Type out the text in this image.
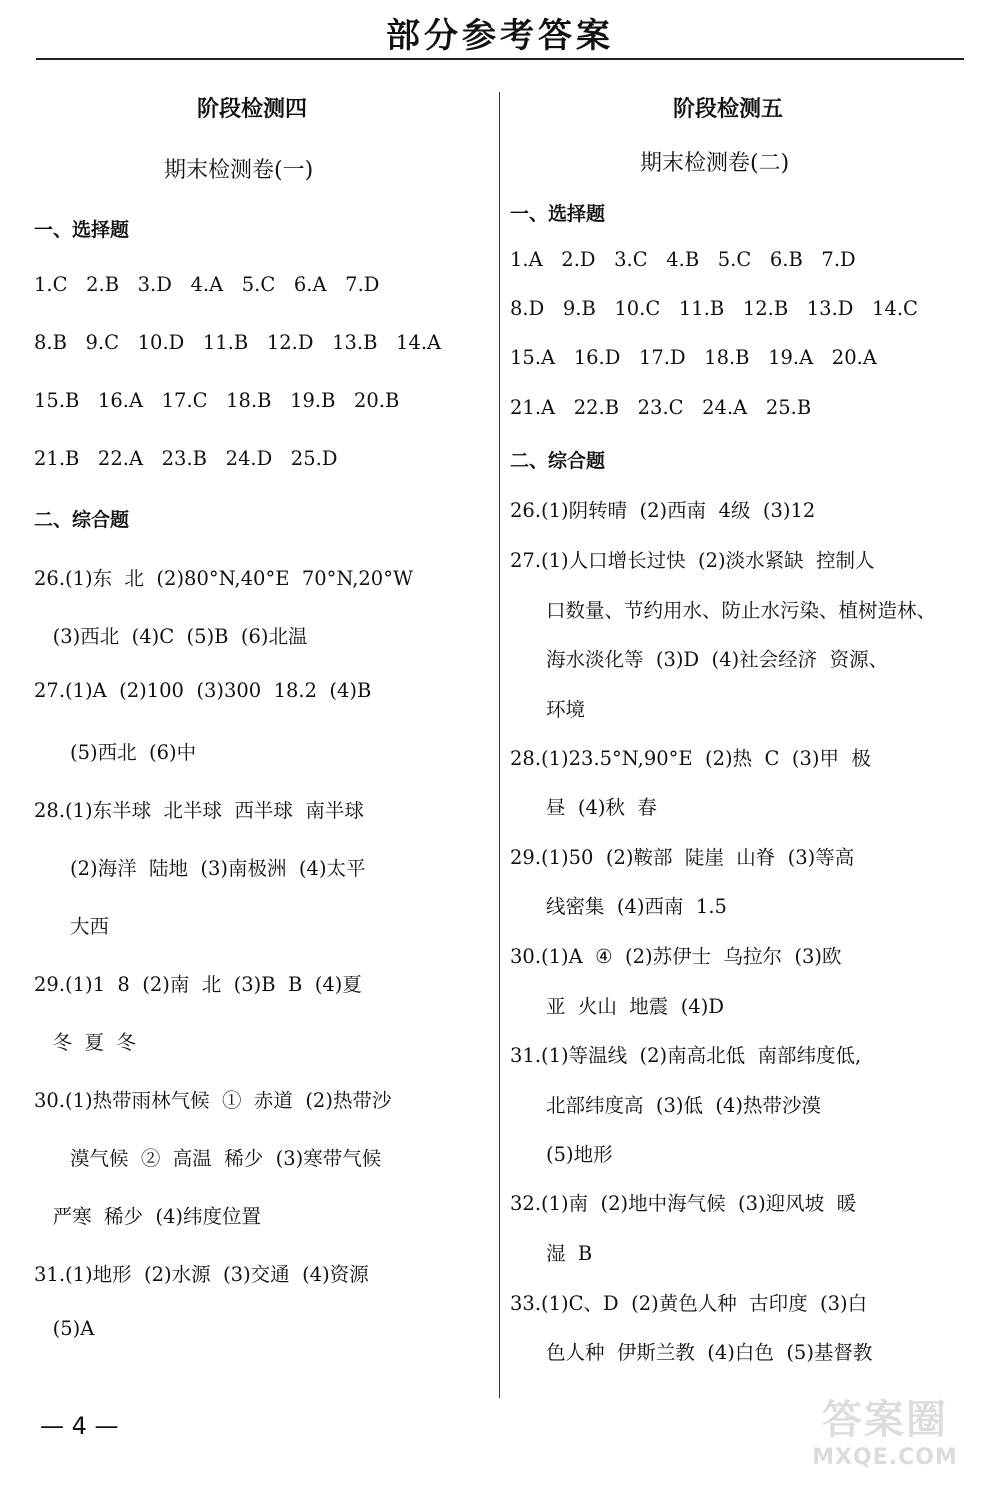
部分参考答案
阶段检测四
期末检测卷(一)
一、选择题
1.C   2.B   3.D   4.A   5.C   6.A   7.D
8.B   9.C   10.D   11.B   12.D   13.B   14.A
15.B   16.A   17.C   18.B   19.B   20.B
21.B   22.A   23.B   24.D   25.D
二、综合题
26.(1)东  北  (2)80°N,40°E  70°N,20°W
(3)西北  (4)C  (5)B  (6)北温
27.(1)A  (2)100  (3)300  18.2  (4)B
(5)西北  (6)中
28.(1)东半球  北半球  西半球  南半球
(2)海洋  陆地  (3)南极洲  (4)太平
大西
29.(1)1  8  (2)南  北  (3)B  B  (4)夏
冬  夏  冬
30.(1)热带雨林气候  ①  赤道  (2)热带沙
漠气候  ②  高温  稀少  (3)寒带气候
严寒  稀少  (4)纬度位置
31.(1)地形  (2)水源  (3)交通  (4)资源
(5)A
阶段检测五
期末检测卷(二)
一、选择题
1.A   2.D   3.C   4.B   5.C   6.B   7.D
8.D   9.B   10.C   11.B   12.B   13.D   14.C
15.A   16.D   17.D   18.B   19.A   20.A
21.A   22.B   23.C   24.A   25.B
二、综合题
26.(1)阴转晴  (2)西南  4级  (3)12
27.(1)人口增长过快  (2)淡水紧缺  控制人
口数量、节约用水、防止水污染、植树造林、
海水淡化等  (3)D  (4)社会经济  资源、
环境
28.(1)23.5°N,90°E  (2)热  C  (3)甲  极
昼  (4)秋  春
29.(1)50  (2)鞍部  陡崖  山脊  (3)等高
线密集  (4)西南  1.5
30.(1)A  ④  (2)苏伊士  乌拉尔  (3)欧
亚  火山  地震  (4)D
31.(1)等温线  (2)南高北低  南部纬度低,
北部纬度高  (3)低  (4)热带沙漠
(5)地形
32.(1)南  (2)地中海气候  (3)迎风坡  暖
湿  B
33.(1)C、D  (2)黄色人种  古印度  (3)白
色人种  伊斯兰教  (4)白色  (5)基督教
— 4 —	答案圈
MXQE.COM
